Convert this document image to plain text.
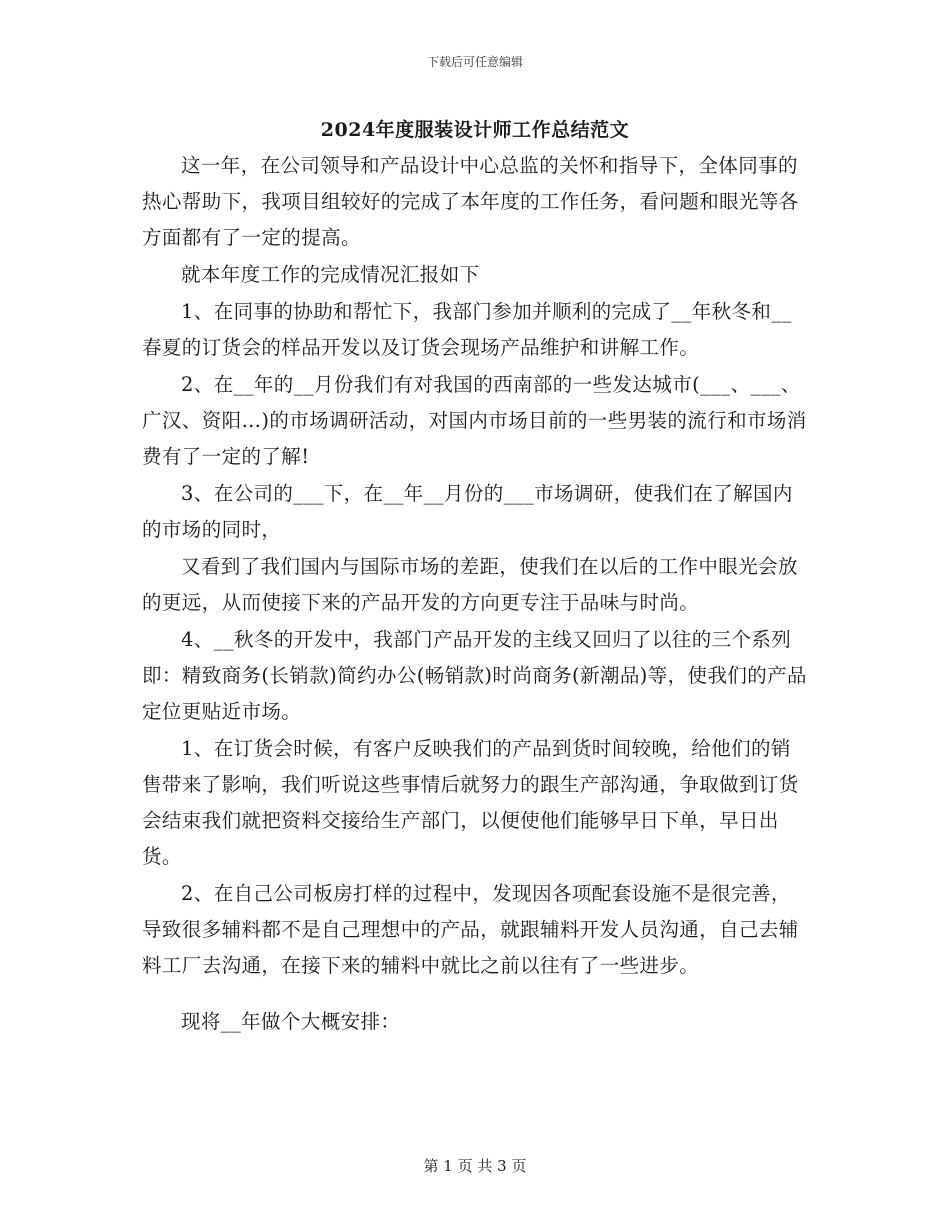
下载后可任意编辑
2024年度服装设计师工作总结范文

这一年，在公司领导和产品设计中心总监的关怀和指导下，全体同事的热心帮助下，我项目组较好的完成了本年度的工作任务，看问题和眼光等各方面都有了一定的提高。

就本年度工作的完成情况汇报如下

1、在同事的协助和帮忙下，我部门参加并顺利的完成了__年秋冬和__春夏的订货会的样品开发以及订货会现场产品维护和讲解工作。

2、在__年的__月份我们有对我国的西南部的一些发达城市(___、___、广汉、资阳…)的市场调研活动，对国内市场目前的一些男装的流行和市场消费有了一定的了解!

3、在公司的___下，在__年__月份的___市场调研，使我们在了解国内的市场的同时，

又看到了我们国内与国际市场的差距，使我们在以后的工作中眼光会放的更远，从而使接下来的产品开发的方向更专注于品味与时尚。

4、__秋冬的开发中，我部门产品开发的主线又回归了以往的三个系列即：精致商务(长销款)简约办公(畅销款)时尚商务(新潮品)等，使我们的产品定位更贴近市场。

1、在订货会时候，有客户反映我们的产品到货时间较晚，给他们的销售带来了影响，我们听说这些事情后就努力的跟生产部沟通，争取做到订货会结束我们就把资料交接给生产部门，以便使他们能够早日下单，早日出货。

2、在自己公司板房打样的过程中，发现因各项配套设施不是很完善，导致很多辅料都不是自己理想中的产品，就跟辅料开发人员沟通，自己去辅料工厂去沟通，在接下来的辅料中就比之前以往有了一些进步。

现将__年做个大概安排：

第 1 页 共 3 页
